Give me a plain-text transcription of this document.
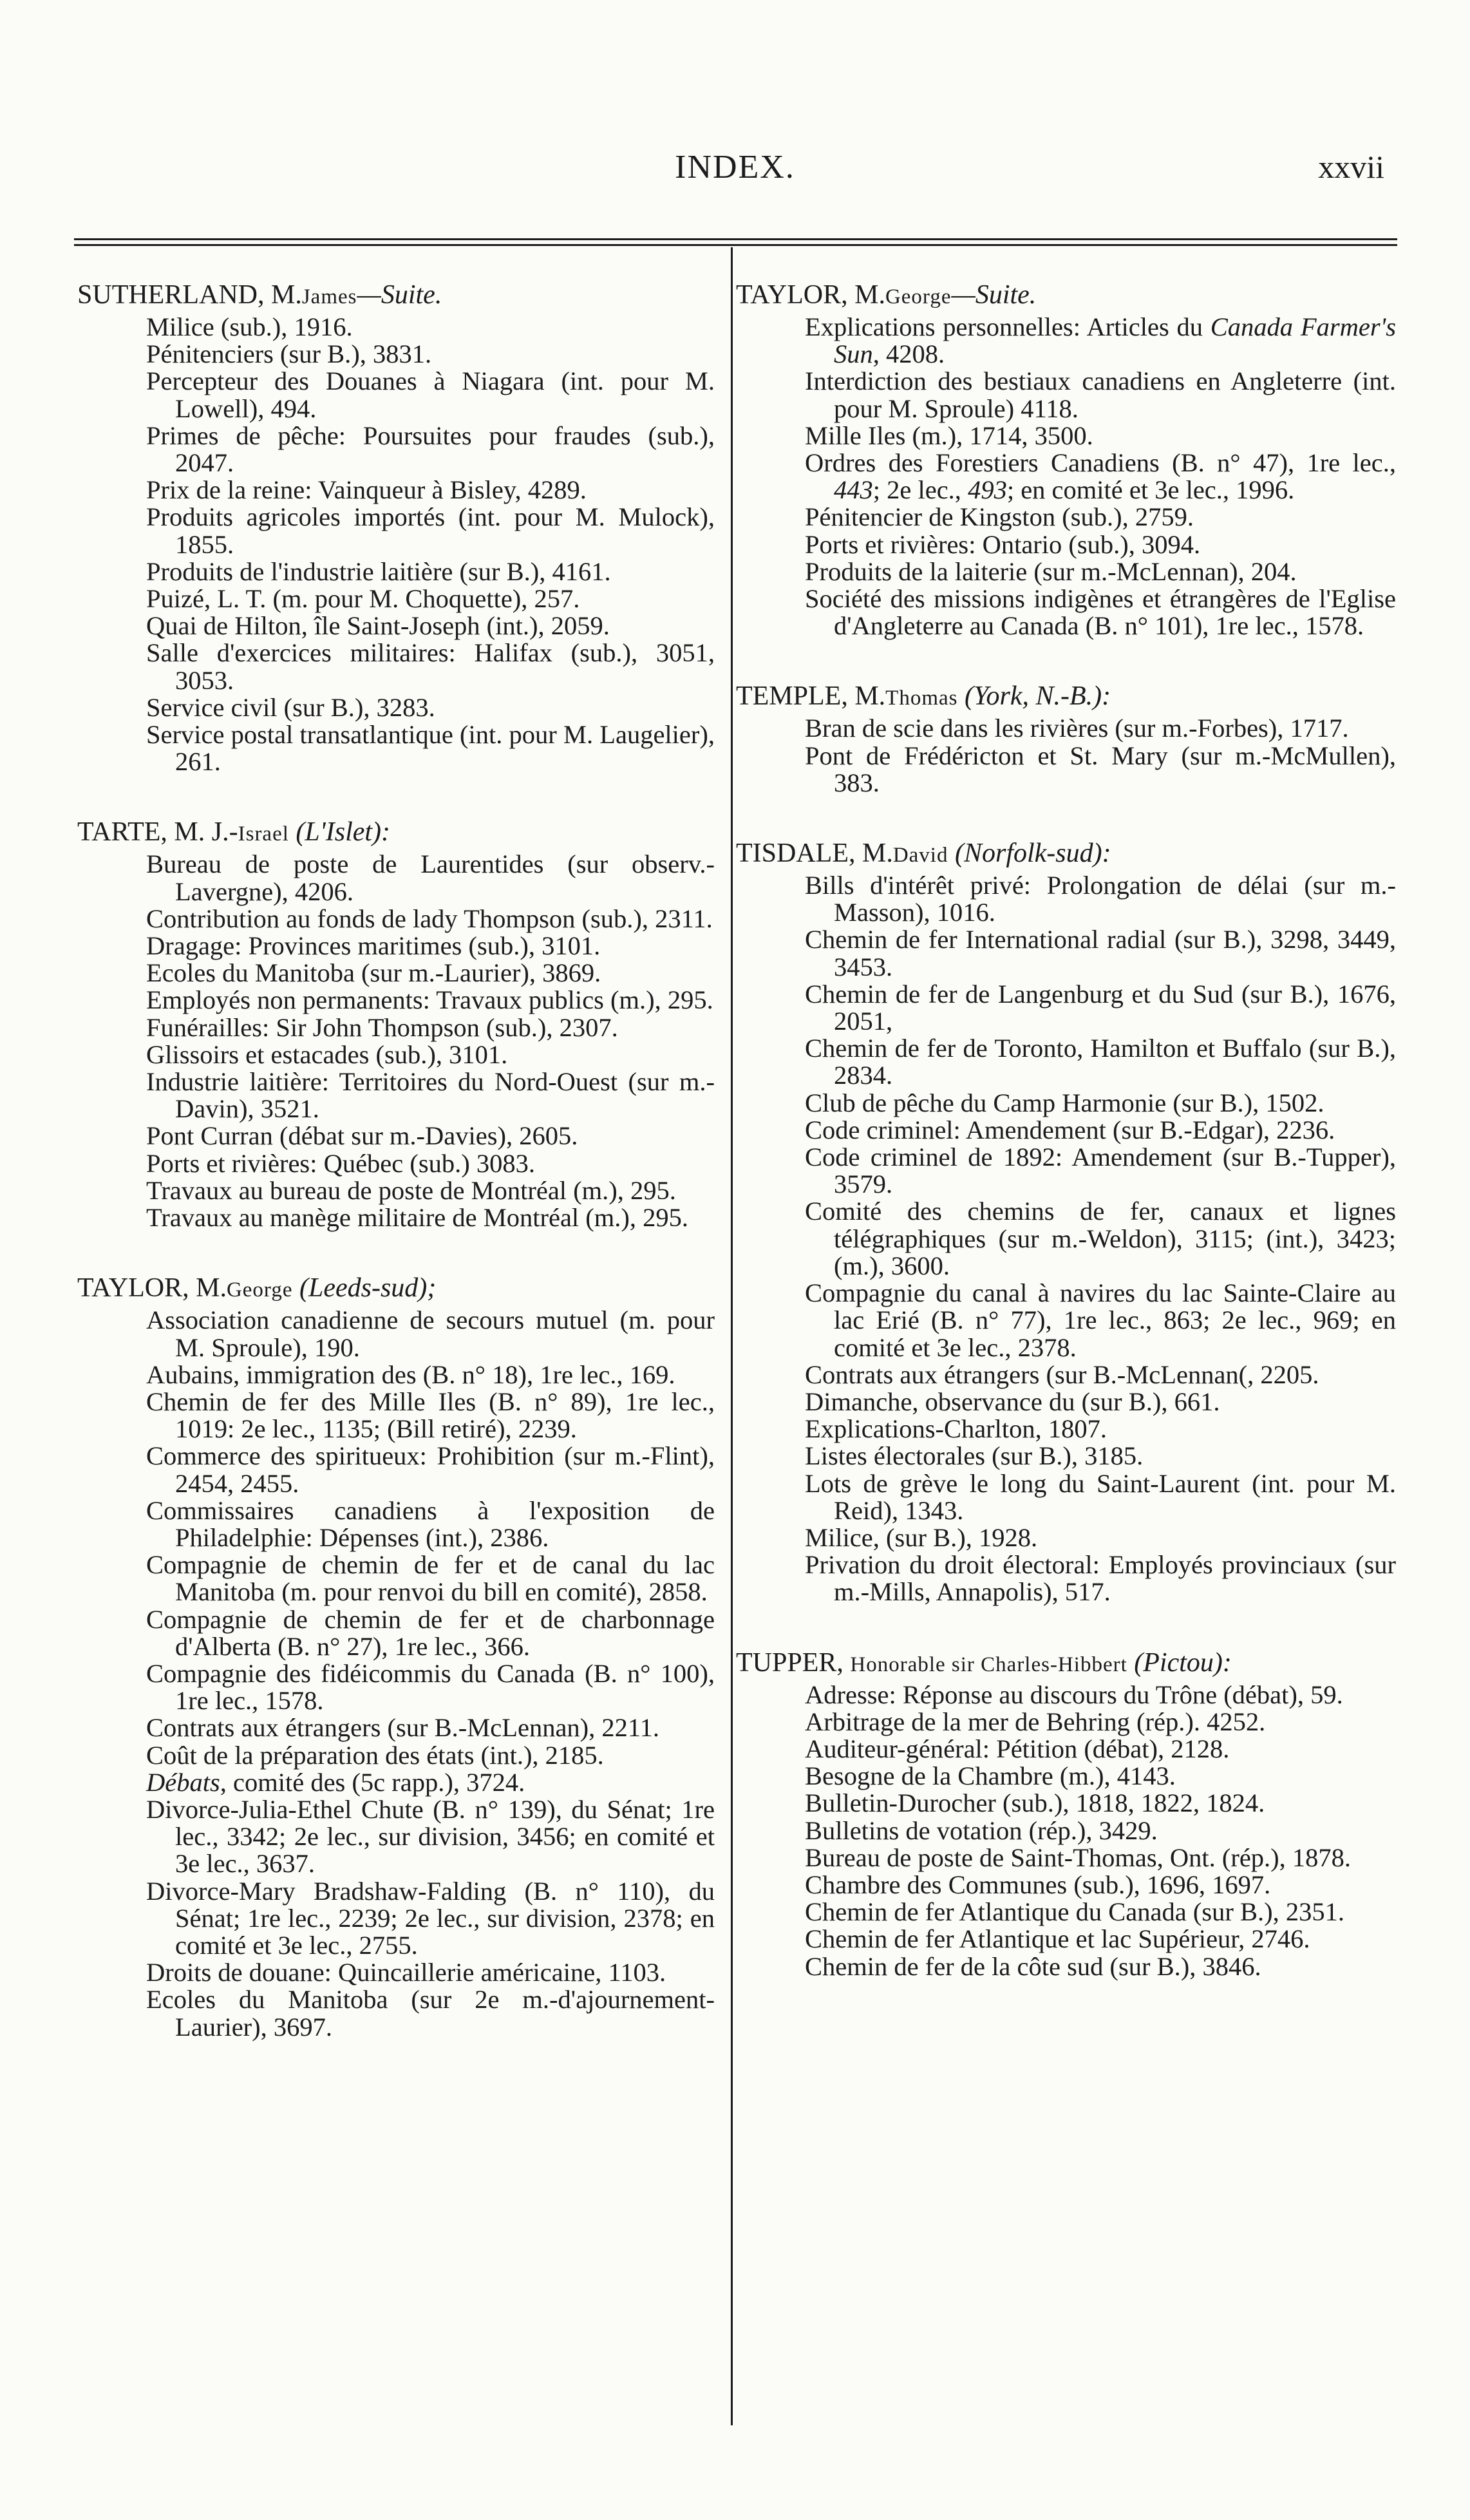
INDEX.	xxvii
SUTHERLAND, M.James—Suite.
Milice (sub.), 1916.
Pénitenciers (sur B.), 3831.
Percepteur des Douanes à Niagara (int. pour M. Lowell), 494.
Primes de pêche: Poursuites pour fraudes (sub.), 2047.
Prix de la reine: Vainqueur à Bisley, 4289.
Produits agricoles importés (int. pour M. Mulock), 1855.
Produits de l'industrie laitière (sur B.), 4161.
Puizé, L. T. (m. pour M. Choquette), 257.
Quai de Hilton, île Saint-Joseph (int.), 2059.
Salle d'exercices militaires: Halifax (sub.), 3051, 3053.
Service civil (sur B.), 3283.
Service postal transatlantique (int. pour M. Laugelier), 261.
TARTE, M. J.-Israel (L'Islet):
Bureau de poste de Laurentides (sur observ.-Lavergne), 4206.
Contribution au fonds de lady Thompson (sub.), 2311.
Dragage: Provinces maritimes (sub.), 3101.
Ecoles du Manitoba (sur m.-Laurier), 3869.
Employés non permanents: Travaux publics (m.), 295.
Funérailles: Sir John Thompson (sub.), 2307.
Glissoirs et estacades (sub.), 3101.
Industrie laitière: Territoires du Nord-Ouest (sur m.-Davin), 3521.
Pont Curran (débat sur m.-Davies), 2605.
Ports et rivières: Québec (sub.) 3083.
Travaux au bureau de poste de Montréal (m.), 295.
Travaux au manège militaire de Montréal (m.), 295.
TAYLOR, M.George (Leeds-sud);
Association canadienne de secours mutuel (m. pour M. Sproule), 190.
Aubains, immigration des (B. n° 18), 1re lec., 169.
Chemin de fer des Mille Iles (B. n° 89), 1re lec., 1019: 2e lec., 1135; (Bill retiré), 2239.
Commerce des spiritueux: Prohibition (sur m.-Flint), 2454, 2455.
Commissaires canadiens à l'exposition de Philadelphie: Dépenses (int.), 2386.
Compagnie de chemin de fer et de canal du lac Manitoba (m. pour renvoi du bill en comité), 2858.
Compagnie de chemin de fer et de charbonnage d'Alberta (B. n° 27), 1re lec., 366.
Compagnie des fidéicommis du Canada (B. n° 100), 1re lec., 1578.
Contrats aux étrangers (sur B.-McLennan), 2211.
Coût de la préparation des états (int.), 2185.
Débats, comité des (5c rapp.), 3724.
Divorce-Julia-Ethel Chute (B. n° 139), du Sénat; 1re lec., 3342; 2e lec., sur division, 3456; en comité et 3e lec., 3637.
Divorce-Mary Bradshaw-Falding (B. n° 110), du Sénat; 1re lec., 2239; 2e lec., sur division, 2378; en comité et 3e lec., 2755.
Droits de douane: Quincaillerie américaine, 1103.
Ecoles du Manitoba (sur 2e m.-d'ajournement-Laurier), 3697.
TAYLOR, M.George—Suite.
Explications personnelles: Articles du Canada Farmer's Sun, 4208.
Interdiction des bestiaux canadiens en Angleterre (int. pour M. Sproule) 4118.
Mille Iles (m.), 1714, 3500.
Ordres des Forestiers Canadiens (B. n° 47), 1re lec., 443; 2e lec., 493; en comité et 3e lec., 1996.
Pénitencier de Kingston (sub.), 2759.
Ports et rivières: Ontario (sub.), 3094.
Produits de la laiterie (sur m.-McLennan), 204.
Société des missions indigènes et étrangères de l'Eglise d'Angleterre au Canada (B. n° 101), 1re lec., 1578.
TEMPLE, M.Thomas (York, N.-B.):
Bran de scie dans les rivières (sur m.-Forbes), 1717.
Pont de Frédéricton et St. Mary (sur m.-McMullen), 383.
TISDALE, M.David (Norfolk-sud):
Bills d'intérêt privé: Prolongation de délai (sur m.-Masson), 1016.
Chemin de fer International radial (sur B.), 3298, 3449, 3453.
Chemin de fer de Langenburg et du Sud (sur B.), 1676, 2051,
Chemin de fer de Toronto, Hamilton et Buffalo (sur B.), 2834.
Club de pêche du Camp Harmonie (sur B.), 1502.
Code criminel: Amendement (sur B.-Edgar), 2236.
Code criminel de 1892: Amendement (sur B.-Tupper), 3579.
Comité des chemins de fer, canaux et lignes télégraphiques (sur m.-Weldon), 3115; (int.), 3423; (m.), 3600.
Compagnie du canal à navires du lac Sainte-Claire au lac Erié (B. n° 77), 1re lec., 863; 2e lec., 969; en comité et 3e lec., 2378.
Contrats aux étrangers (sur B.-McLennan(, 2205.
Dimanche, observance du (sur B.), 661.
Explications-Charlton, 1807.
Listes électorales (sur B.), 3185.
Lots de grève le long du Saint-Laurent (int. pour M. Reid), 1343.
Milice, (sur B.), 1928.
Privation du droit électoral: Employés provinciaux (sur m.-Mills, Annapolis), 517.
TUPPER, Honorable sir Charles-Hibbert (Pictou):
Adresse: Réponse au discours du Trône (débat), 59.
Arbitrage de la mer de Behring (rép.). 4252.
Auditeur-général: Pétition (débat), 2128.
Besogne de la Chambre (m.), 4143.
Bulletin-Durocher (sub.), 1818, 1822, 1824.
Bulletins de votation (rép.), 3429.
Bureau de poste de Saint-Thomas, Ont. (rép.), 1878.
Chambre des Communes (sub.), 1696, 1697.
Chemin de fer Atlantique du Canada (sur B.), 2351.
Chemin de fer Atlantique et lac Supérieur, 2746.
Chemin de fer de la côte sud (sur B.), 3846.
